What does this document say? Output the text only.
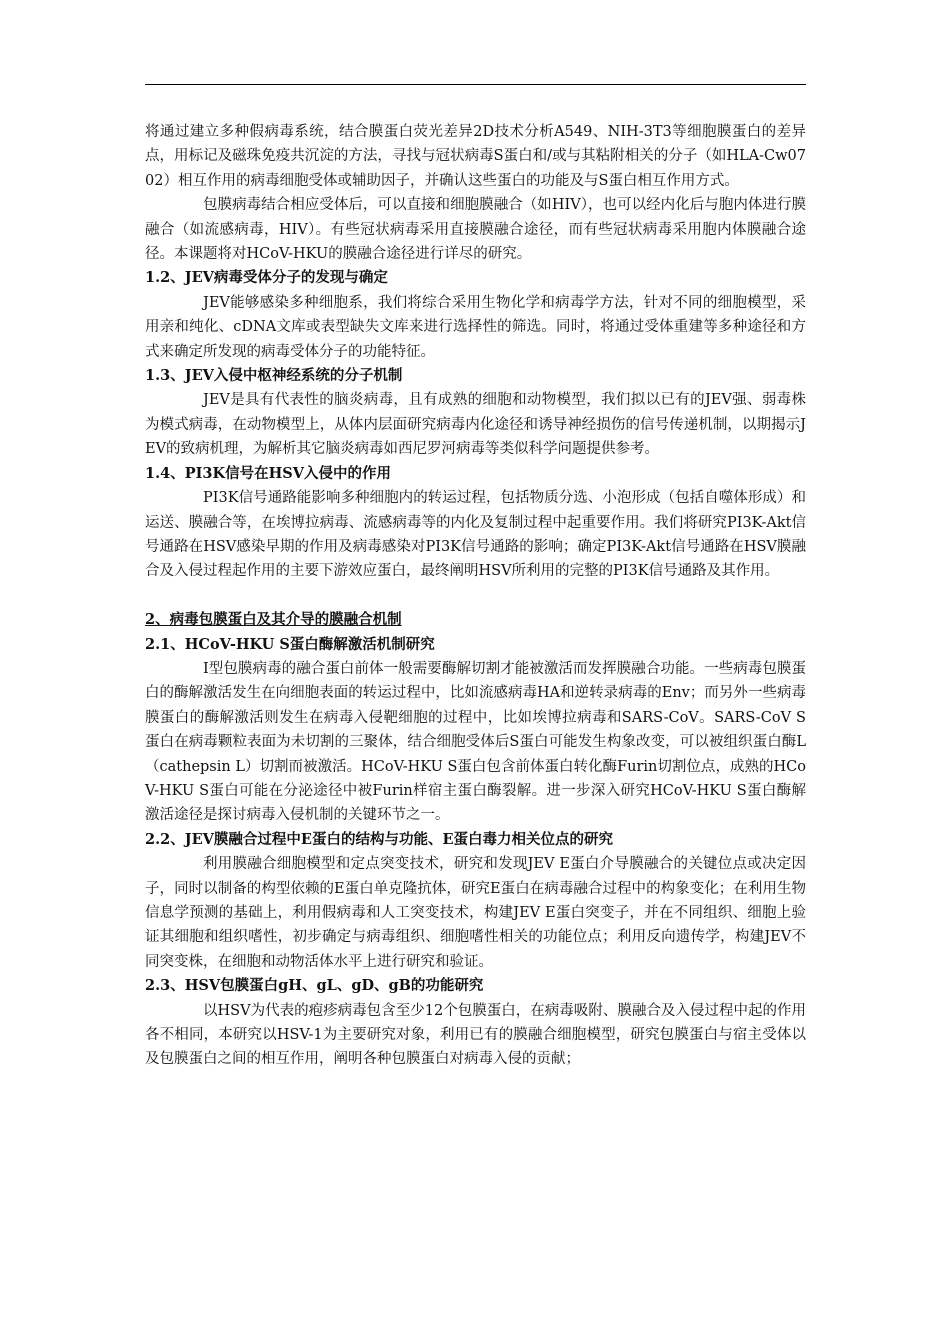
将通过建立多种假病毒系统，结合膜蛋白荧光差异2D技术分析A549、NIH-3T3等细胞膜蛋白的差异点，用标记及磁珠免疫共沉淀的方法，寻找与冠状病毒S蛋白和/或与其粘附相关的分子（如HLA-Cw0702）相互作用的病毒细胞受体或辅助因子，并确认这些蛋白的功能及与S蛋白相互作用方式。

包膜病毒结合相应受体后，可以直接和细胞膜融合（如HIV），也可以经内化后与胞内体进行膜融合（如流感病毒，HIV）。有些冠状病毒采用直接膜融合途径，而有些冠状病毒采用胞内体膜融合途径。本课题将对HCoV-HKU的膜融合途径进行详尽的研究。

1.2、JEV病毒受体分子的发现与确定

JEV能够感染多种细胞系，我们将综合采用生物化学和病毒学方法，针对不同的细胞模型，采用亲和纯化、cDNA文库或表型缺失文库来进行选择性的筛选。同时，将通过受体重建等多种途径和方式来确定所发现的病毒受体分子的功能特征。

1.3、JEV入侵中枢神经系统的分子机制

JEV是具有代表性的脑炎病毒，且有成熟的细胞和动物模型，我们拟以已有的JEV强、弱毒株为模式病毒，在动物模型上，从体内层面研究病毒内化途径和诱导神经损伤的信号传递机制，以期揭示JEV的致病机理，为解析其它脑炎病毒如西尼罗河病毒等类似科学问题提供参考。

1.4、PI3K信号在HSV入侵中的作用

PI3K信号通路能影响多种细胞内的转运过程，包括物质分选、小泡形成（包括自噬体形成）和运送、膜融合等，在埃博拉病毒、流感病毒等的内化及复制过程中起重要作用。我们将研究PI3K-Akt信号通路在HSV感染早期的作用及病毒感染对PI3K信号通路的影响；确定PI3K-Akt信号通路在HSV膜融合及入侵过程起作用的主要下游效应蛋白，最终阐明HSV所利用的完整的PI3K信号通路及其作用。

2、病毒包膜蛋白及其介导的膜融合机制

2.1、HCoV-HKU S蛋白酶解激活机制研究

I型包膜病毒的融合蛋白前体一般需要酶解切割才能被激活而发挥膜融合功能。一些病毒包膜蛋白的酶解激活发生在向细胞表面的转运过程中，比如流感病毒HA和逆转录病毒的Env；而另外一些病毒膜蛋白的酶解激活则发生在病毒入侵靶细胞的过程中，比如埃博拉病毒和SARS-CoV。SARS-CoV S蛋白在病毒颗粒表面为未切割的三聚体，结合细胞受体后S蛋白可能发生构象改变，可以被组织蛋白酶L（cathepsin L）切割而被激活。HCoV-HKU S蛋白包含前体蛋白转化酶Furin切割位点，成熟的HCoV-HKU S蛋白可能在分泌途径中被Furin样宿主蛋白酶裂解。进一步深入研究HCoV-HKU S蛋白酶解激活途径是探讨病毒入侵机制的关键环节之一。

2.2、JEV膜融合过程中E蛋白的结构与功能、E蛋白毒力相关位点的研究

利用膜融合细胞模型和定点突变技术，研究和发现JEV E蛋白介导膜融合的关键位点或决定因子，同时以制备的构型依赖的E蛋白单克隆抗体，研究E蛋白在病毒融合过程中的构象变化；在利用生物信息学预测的基础上，利用假病毒和人工突变技术，构建JEV E蛋白突变子，并在不同组织、细胞上验证其细胞和组织嗜性，初步确定与病毒组织、细胞嗜性相关的功能位点；利用反向遗传学，构建JEV不同突变株，在细胞和动物活体水平上进行研究和验证。

2.3、HSV包膜蛋白gH、gL、gD、gB的功能研究

以HSV为代表的疱疹病毒包含至少12个包膜蛋白，在病毒吸附、膜融合及入侵过程中起的作用各不相同，本研究以HSV-1为主要研究对象，利用已有的膜融合细胞模型，研究包膜蛋白与宿主受体以及包膜蛋白之间的相互作用，阐明各种包膜蛋白对病毒入侵的贡献；
